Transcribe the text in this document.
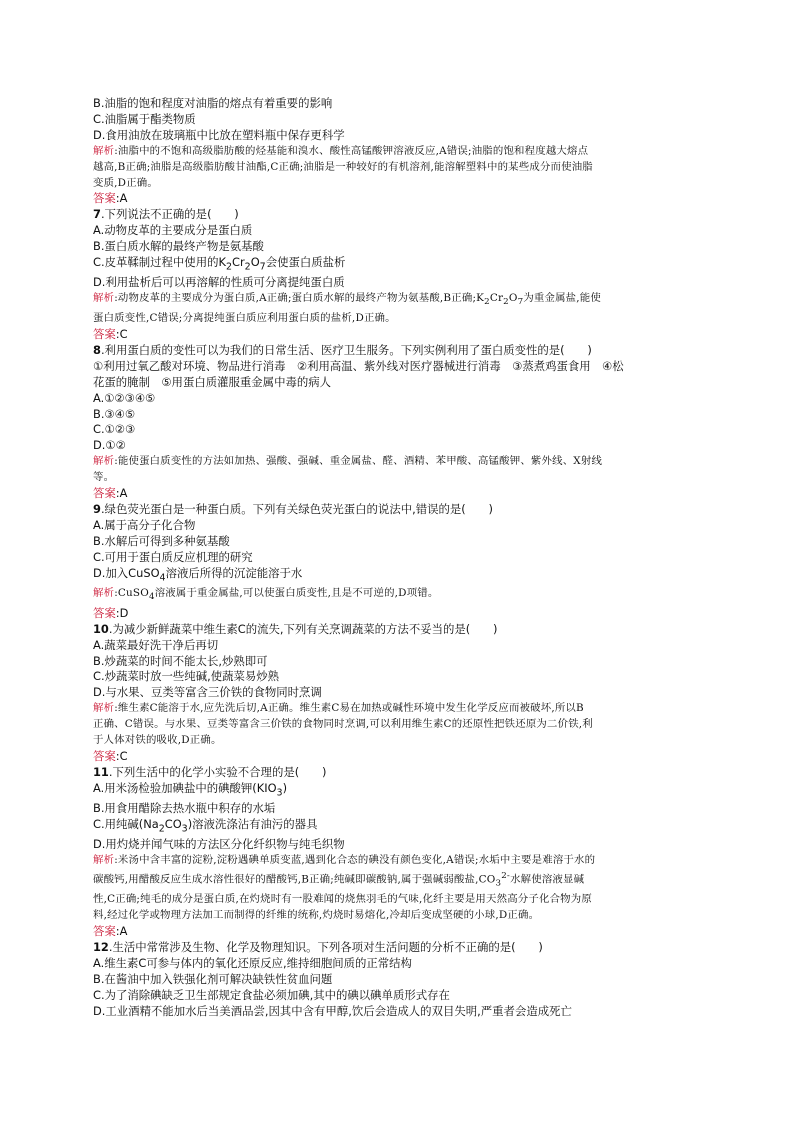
B.油脂的饱和程度对油脂的熔点有着重要的影响
C.油脂属于酯类物质
D.食用油放在玻璃瓶中比放在塑料瓶中保存更科学
解析:油脂中的不饱和高级脂肪酸的烃基能和溴水、酸性高锰酸钾溶液反应,A错误;油脂的饱和程度越大熔点
越高,B正确;油脂是高级脂肪酸甘油酯,C正确;油脂是一种较好的有机溶剂,能溶解塑料中的某些成分而使油脂
变质,D正确。
答案:A
7.下列说法不正确的是(　　)
A.动物皮革的主要成分是蛋白质
B.蛋白质水解的最终产物是氨基酸
C.皮革鞣制过程中使用的$K_2Cr_2O_7$会使蛋白质盐析
D.利用盐析后可以再溶解的性质可分离提纯蛋白质
解析:动物皮革的主要成分为蛋白质,A正确;蛋白质水解的最终产物为氨基酸,B正确$;K_2Cr_2O_7$为重金属盐,能使
蛋白质变性,C错误;分离提纯蛋白质应利用蛋白质的盐析,D正确。
答案:C
8.利用蛋白质的变性可以为我们的日常生活、医疗卫生服务。下列实例利用了蛋白质变性的是(　　)
①利用过氧乙酸对环境、物品进行消毒　②利用高温、紫外线对医疗器械进行消毒　③蒸煮鸡蛋食用　④松
花蛋的腌制　⑤用蛋白质灌服重金属中毒的病人
A.①②③④⑤
B.③④⑤
C.①②③
D.①②
解析:能使蛋白质变性的方法如加热、强酸、强碱、重金属盐、醛、酒精、苯甲酸、高锰酸钾、紫外线、X射线
等。
答案:A
9.绿色荧光蛋白是一种蛋白质。下列有关绿色荧光蛋白的说法中,错误的是(　　)
A.属于高分子化合物
B.水解后可得到多种氨基酸
C.可用于蛋白质反应机理的研究
D.加入CuSO$_4$溶液后所得的沉淀能溶于水
解析:CuSO$_4$溶液属于重金属盐,可以使蛋白质变性,且是不可逆的,D项错。
答案:D
10.为减少新鲜蔬菜中维生素C的流失,下列有关烹调蔬菜的方法不妥当的是(　　)
A.蔬菜最好洗干净后再切
B.炒蔬菜的时间不能太长,炒熟即可
C.炒蔬菜时放一些纯碱,使蔬菜易炒熟
D.与水果、豆类等富含三价铁的食物同时烹调
解析:维生素C能溶于水,应先洗后切,A正确。维生素C易在加热或碱性环境中发生化学反应而被破坏,所以B
正确、C错误。与水果、豆类等富含三价铁的食物同时烹调,可以利用维生素C的还原性把铁还原为二价铁,利
于人体对铁的吸收,D正确。
答案:C
11.下列生活中的化学小实验不合理的是(　　)
A.用米汤检验加碘盐中的碘酸钾$(KIO_3)$
B.用食用醋除去热水瓶中积存的水垢
C.用纯碱$(Na_2CO_3)$溶液洗涤沾有油污的器具
D.用灼烧并闻气味的方法区分化纤织物与纯毛织物
解析:米汤中含丰富的淀粉,淀粉遇碘单质变蓝,遇到化合态的碘没有颜色变化,A错误;水垢中主要是难溶于水的
碳酸钙,用醋酸反应生成水溶性很好的醋酸钙,B正确;纯碱即碳酸钠,属于强碱弱酸盐$,CO_3^{2-}$水解使溶液显碱
性,C正确;纯毛的成分是蛋白质,在灼烧时有一股难闻的烧焦羽毛的气味,化纤主要是用天然高分子化合物为原
料,经过化学或物理方法加工而制得的纤维的统称,灼烧时易熔化,冷却后变成坚硬的小球,D正确。
答案:A
12.生活中常常涉及生物、化学及物理知识。下列各项对生活问题的分析不正确的是(　　)
A.维生素C可参与体内的氧化还原反应,维持细胞间质的正常结构
B.在酱油中加入铁强化剂可解决缺铁性贫血问题
C.为了消除碘缺乏卫生部规定食盐必须加碘,其中的碘以碘单质形式存在
D.工业酒精不能加水后当美酒品尝,因其中含有甲醇,饮后会造成人的双目失明,严重者会造成死亡
